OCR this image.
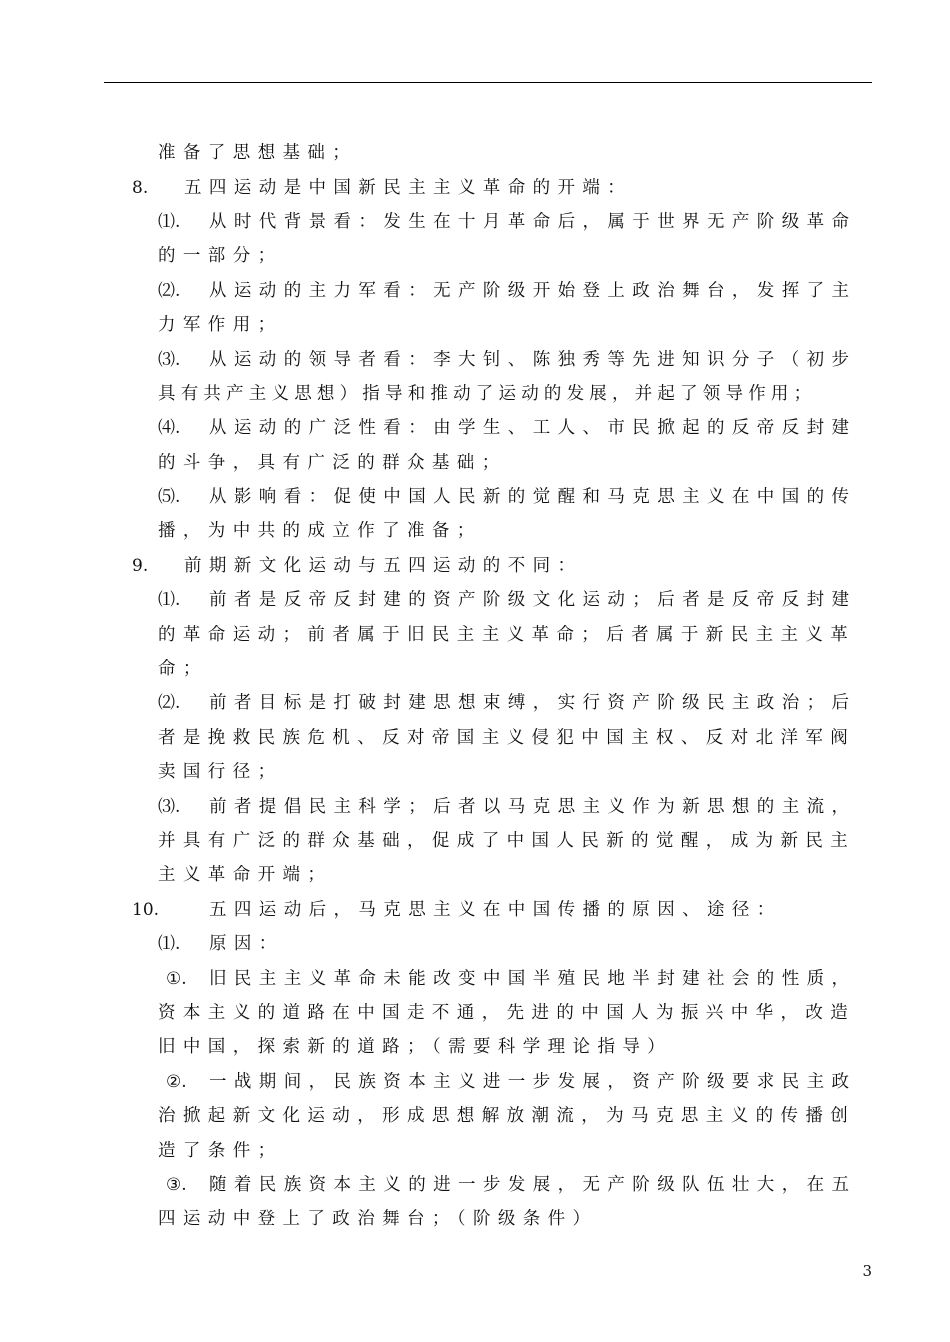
准备了思想基础；
8. 五四运动是中国新民主主义革命的开端：
⑴. 从时代背景看：发生在十月革命后，属于世界无产阶级革命
的一部分；
⑵. 从运动的主力军看：无产阶级开始登上政治舞台，发挥了主
力军作用；
⑶. 从运动的领导者看：李大钊、陈独秀等先进知识分子（初步
具有共产主义思想）指导和推动了运动的发展，并起了领导作用；
⑷. 从运动的广泛性看：由学生、工人、市民掀起的反帝反封建
的斗争，具有广泛的群众基础；
⑸. 从影响看：促使中国人民新的觉醒和马克思主义在中国的传
播，为中共的成立作了准备；
9. 前期新文化运动与五四运动的不同：
⑴. 前者是反帝反封建的资产阶级文化运动；后者是反帝反封建
的革命运动；前者属于旧民主主义革命；后者属于新民主主义革
命；
⑵. 前者目标是打破封建思想束缚，实行资产阶级民主政治；后
者是挽救民族危机、反对帝国主义侵犯中国主权、反对北洋军阀
卖国行径；
⑶. 前者提倡民主科学；后者以马克思主义作为新思想的主流，
并具有广泛的群众基础，促成了中国人民新的觉醒，成为新民主
主义革命开端；
10.	五四运动后，马克思主义在中国传播的原因、途径：
⑴. 原因：
①. 旧民主主义革命未能改变中国半殖民地半封建社会的性质，
资本主义的道路在中国走不通，先进的中国人为振兴中华，改造
旧中国，探索新的道路；（需要科学理论指导）
②. 一战期间，民族资本主义进一步发展，资产阶级要求民主政
治掀起新文化运动，形成思想解放潮流，为马克思主义的传播创
造了条件；
③. 随着民族资本主义的进一步发展，无产阶级队伍壮大，在五
四运动中登上了政治舞台；（阶级条件）
3
